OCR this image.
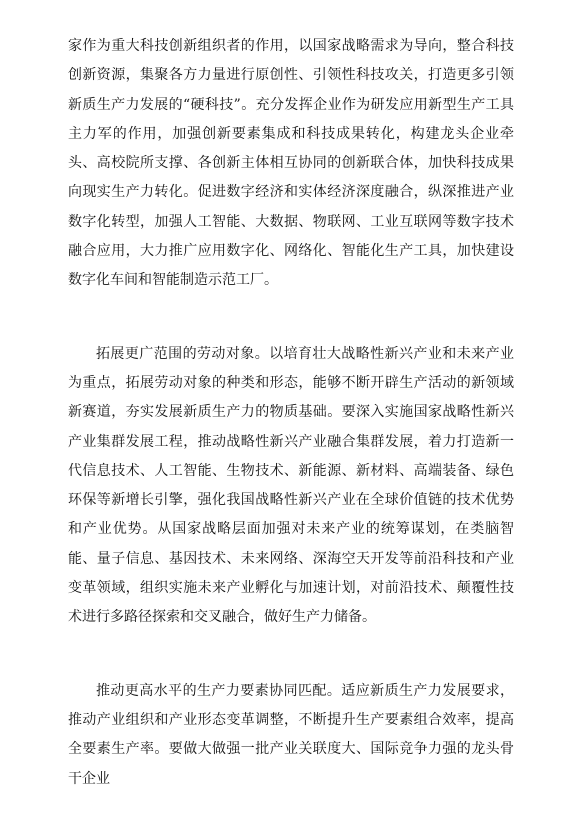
家作为重大科技创新组织者的作用，以国家战略需求为导向，整合科技创新资源，集聚各方力量进行原创性、引领性科技攻关，打造更多引领新质生产力发展的“硬科技”。充分发挥企业作为研发应用新型生产工具主力军的作用，加强创新要素集成和科技成果转化，构建龙头企业牵头、高校院所支撑、各创新主体相互协同的创新联合体，加快科技成果向现实生产力转化。促进数字经济和实体经济深度融合，纵深推进产业数字化转型，加强人工智能、大数据、物联网、工业互联网等数字技术融合应用，大力推广应用数字化、网络化、智能化生产工具，加快建设数字化车间和智能制造示范工厂。

拓展更广范围的劳动对象。以培育壮大战略性新兴产业和未来产业为重点，拓展劳动对象的种类和形态，能够不断开辟生产活动的新领域新赛道，夯实发展新质生产力的物质基础。要深入实施国家战略性新兴产业集群发展工程，推动战略性新兴产业融合集群发展，着力打造新一代信息技术、人工智能、生物技术、新能源、新材料、高端装备、绿色环保等新增长引擎，强化我国战略性新兴产业在全球价值链的技术优势和产业优势。从国家战略层面加强对未来产业的统筹谋划，在类脑智能、量子信息、基因技术、未来网络、深海空天开发等前沿科技和产业变革领域，组织实施未来产业孵化与加速计划，对前沿技术、颠覆性技术进行多路径探索和交叉融合，做好生产力储备。

推动更高水平的生产力要素协同匹配。适应新质生产力发展要求，推动产业组织和产业形态变革调整，不断提升生产要素组合效率，提高全要素生产率。要做大做强一批产业关联度大、国际竞争力强的龙头骨干企业
